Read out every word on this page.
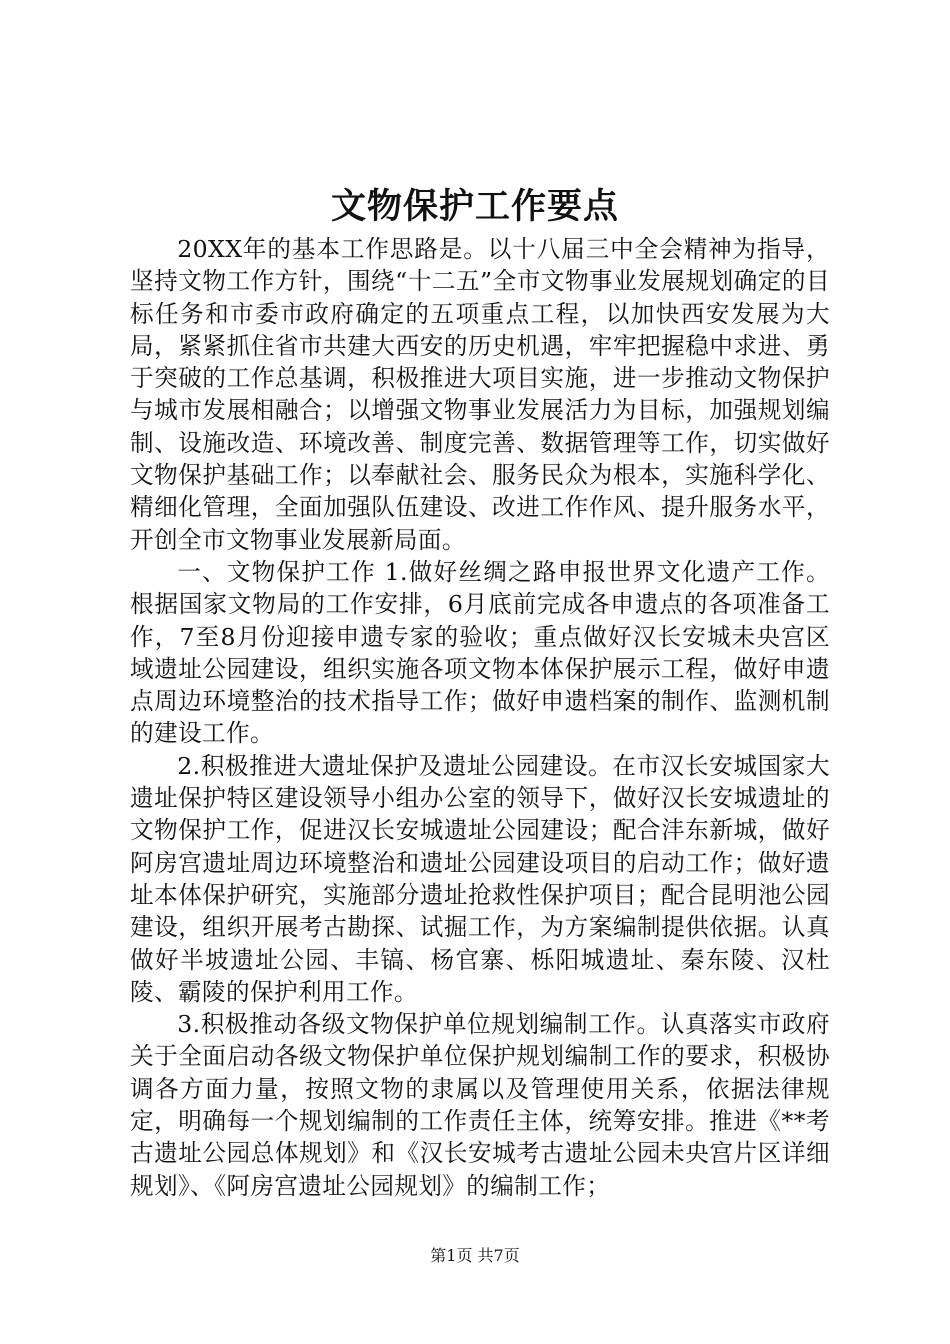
文物保护工作要点

20XX年的基本工作思路是。以十八届三中全会精神为指导，坚持文物工作方针，围绕“十二五”全市文物事业发展规划确定的目标任务和市委市政府确定的五项重点工程，以加快西安发展为大局，紧紧抓住省市共建大西安的历史机遇，牢牢把握稳中求进、勇于突破的工作总基调，积极推进大项目实施，进一步推动文物保护与城市发展相融合；以增强文物事业发展活力为目标，加强规划编制、设施改造、环境改善、制度完善、数据管理等工作，切实做好文物保护基础工作；以奉献社会、服务民众为根本，实施科学化、精细化管理，全面加强队伍建设、改进工作作风、提升服务水平，开创全市文物事业发展新局面。

一、文物保护工作 1.做好丝绸之路申报世界文化遗产工作。根据国家文物局的工作安排，6月底前完成各申遗点的各项准备工作，7至8月份迎接申遗专家的验收；重点做好汉长安城未央宫区域遗址公园建设，组织实施各项文物本体保护展示工程，做好申遗点周边环境整治的技术指导工作；做好申遗档案的制作、监测机制的建设工作。

2.积极推进大遗址保护及遗址公园建设。在市汉长安城国家大遗址保护特区建设领导小组办公室的领导下，做好汉长安城遗址的文物保护工作，促进汉长安城遗址公园建设；配合沣东新城，做好阿房宫遗址周边环境整治和遗址公园建设项目的启动工作；做好遗址本体保护研究，实施部分遗址抢救性保护项目；配合昆明池公园建设，组织开展考古勘探、试掘工作，为方案编制提供依据。认真做好半坡遗址公园、丰镐、杨官寨、栎阳城遗址、秦东陵、汉杜陵、霸陵的保护利用工作。

3.积极推动各级文物保护单位规划编制工作。认真落实市政府关于全面启动各级文物保护单位保护规划编制工作的要求，积极协调各方面力量，按照文物的隶属以及管理使用关系，依据法律规定，明确每一个规划编制的工作责任主体，统筹安排。推进《**考古遗址公园总体规划》和《汉长安城考古遗址公园未央宫片区详细规划》、《阿房宫遗址公园规划》的编制工作；

第1页 共7页
